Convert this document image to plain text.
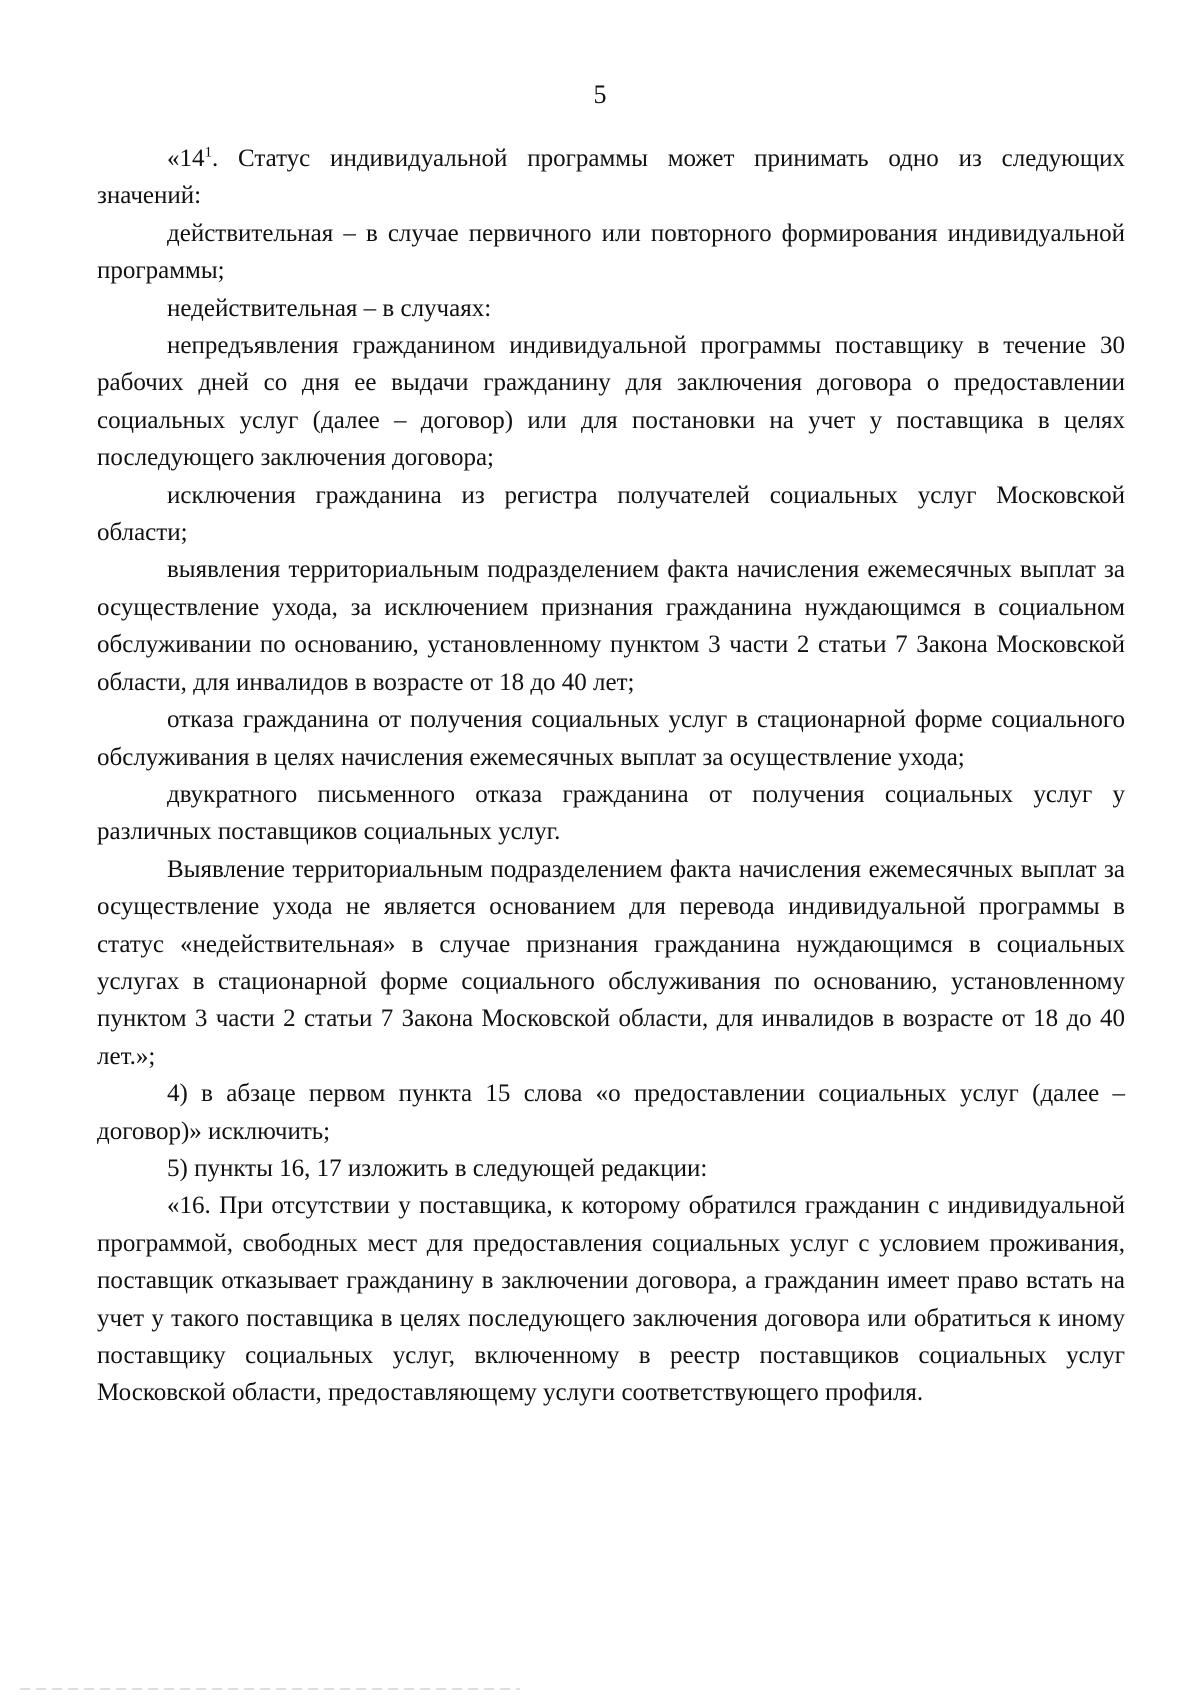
5

«$14^1$. Статус индивидуальной программы может принимать одно из следующих значений:

действительная – в случае первичного или повторного формирования индивидуальной программы;

недействительная – в случаях:

непредъявления гражданином индивидуальной программы поставщику в течение 30 рабочих дней со дня ее выдачи гражданину для заключения договора о предоставлении социальных услуг (далее – договор) или для постановки на учет у поставщика в целях последующего заключения договора;

исключения гражданина из регистра получателей социальных услуг Московской области;

выявления территориальным подразделением факта начисления ежемесячных выплат за осуществление ухода, за исключением признания гражданина нуждающимся в социальном обслуживании по основанию, установленному пунктом 3 части 2 статьи 7 Закона Московской области, для инвалидов в возрасте от 18 до 40 лет;

отказа гражданина от получения социальных услуг в стационарной форме социального обслуживания в целях начисления ежемесячных выплат за осуществление ухода;

двукратного письменного отказа гражданина от получения социальных услуг у различных поставщиков социальных услуг.

Выявление территориальным подразделением факта начисления ежемесячных выплат за осуществление ухода не является основанием для перевода индивидуальной программы в статус «недействительная» в случае признания гражданина нуждающимся в социальных услугах в стационарной форме социального обслуживания по основанию, установленному пунктом 3 части 2 статьи 7 Закона Московской области, для инвалидов в возрасте от 18 до 40 лет.»;

4) в абзаце первом пункта 15 слова «о предоставлении социальных услуг (далее – договор)» исключить;

5) пункты 16, 17 изложить в следующей редакции:

«16. При отсутствии у поставщика, к которому обратился гражданин с индивидуальной программой, свободных мест для предоставления социальных услуг с условием проживания, поставщик отказывает гражданину в заключении договора, а гражданин имеет право встать на учет у такого поставщика в целях последующего заключения договора или обратиться к иному поставщику социальных услуг, включенному в реестр поставщиков социальных услуг Московской области, предоставляющему услуги соответствующего профиля.
